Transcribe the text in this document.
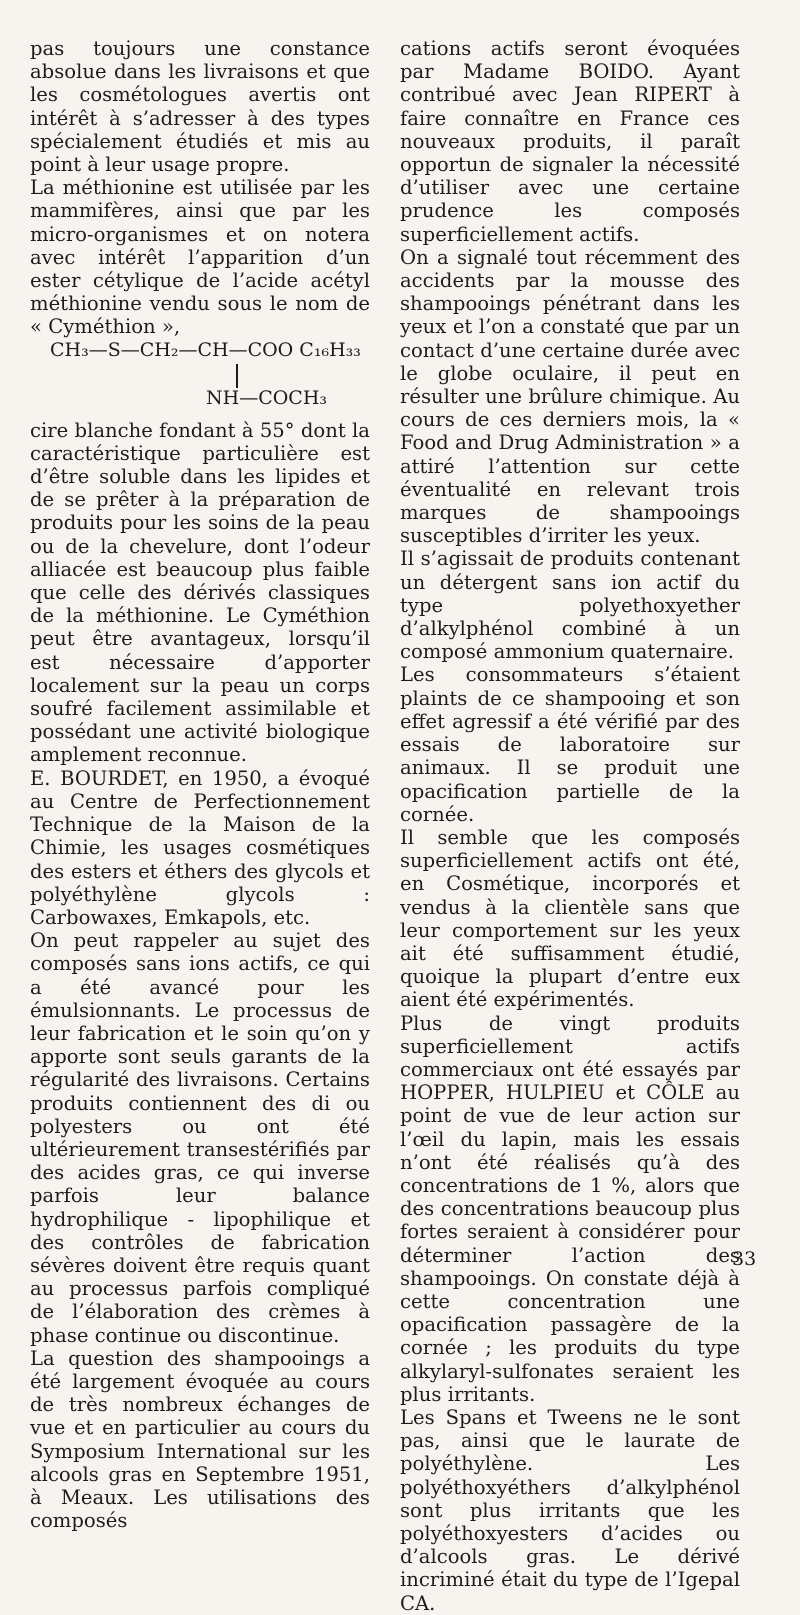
pas toujours une constance absolue dans les livraisons et que les cosmétologues avertis ont intérêt à s’adresser à des types spécialement étudiés et mis au point à leur usage propre.

La méthionine est utilisée par les mammifères, ainsi que par les micro-organismes et on notera avec intérêt l’apparition d’un ester cétylique de l’acide acétyl méthionine vendu sous le nom de « Cyméthion »,

CH₃—S—CH₂—CH—COO C₁₆H₃₃
NH—COCH₃

cire blanche fondant à 55° dont la caractéristique particulière est d’être soluble dans les lipides et de se prêter à la préparation de produits pour les soins de la peau ou de la chevelure, dont l’odeur alliacée est beaucoup plus faible que celle des dérivés classiques de la méthionine. Le Cyméthion peut être avantageux, lorsqu’il est nécessaire d’apporter localement sur la peau un corps soufré facilement assimilable et possédant une activité biologique amplement reconnue.

E. BOURDET, en 1950, a évoqué au Centre de Perfectionnement Technique de la Maison de la Chimie, les usages cosmétiques des esters et éthers des glycols et polyéthylène glycols : Carbowaxes, Emkapols, etc.

On peut rappeler au sujet des composés sans ions actifs, ce qui a été avancé pour les émulsionnants. Le processus de leur fabrication et le soin qu’on y apporte sont seuls garants de la régularité des livraisons. Certains produits contiennent des di ou polyesters ou ont été ultérieurement transestérifiés par des acides gras, ce qui inverse parfois leur balance hydrophilique - lipophilique et des contrôles de fabrication sévères doivent être requis quant au processus parfois compliqué de l’élaboration des crèmes à phase continue ou discontinue.

La question des shampooings a été largement évoquée au cours de très nombreux échanges de vue et en particulier au cours du Symposium International sur les alcools gras en Septembre 1951, à Meaux. Les utilisations des composés

cations actifs seront évoquées par Madame BOIDO. Ayant contribué avec Jean RIPERT à faire connaître en France ces nouveaux produits, il paraît opportun de signaler la nécessité d’utiliser avec une certaine prudence les composés superficiellement actifs.

On a signalé tout récemment des accidents par la mousse des shampooings pénétrant dans les yeux et l’on a constaté que par un contact d’une certaine durée avec le globe oculaire, il peut en résulter une brûlure chimique. Au cours de ces derniers mois, la « Food and Drug Administration » a attiré l’attention sur cette éventualité en relevant trois marques de shampooings susceptibles d’irriter les yeux.

Il s’agissait de produits contenant un détergent sans ion actif du type polyethoxyether d’alkylphénol combiné à un composé ammonium quaternaire.

Les consommateurs s’étaient plaints de ce shampooing et son effet agressif a été vérifié par des essais de laboratoire sur animaux. Il se produit une opacification partielle de la cornée.

Il semble que les composés superficiellement actifs ont été, en Cosmétique, incorporés et vendus à la clientèle sans que leur comportement sur les yeux ait été suffisamment étudié, quoique la plupart d’entre eux aient été expérimentés.

Plus de vingt produits superficiellement actifs commerciaux ont été essayés par HOPPER, HULPIEU et CÔLE au point de vue de leur action sur l’œil du lapin, mais les essais n’ont été réalisés qu’à des concentrations de 1 %, alors que des concentrations beaucoup plus fortes seraient à considérer pour déterminer l’action des shampooings. On constate déjà à cette concentration une opacification passagère de la cornée ; les produits du type alkylaryl-sulfonates seraient les plus irritants.

Les Spans et Tweens ne le sont pas, ainsi que le laurate de polyéthylène. Les polyéthoxyéthers d’alkylphénol sont plus irritants que les polyéthoxyesters d’acides ou d’alcools gras. Le dérivé incriminé était du type de l’Igepal CA.

33
